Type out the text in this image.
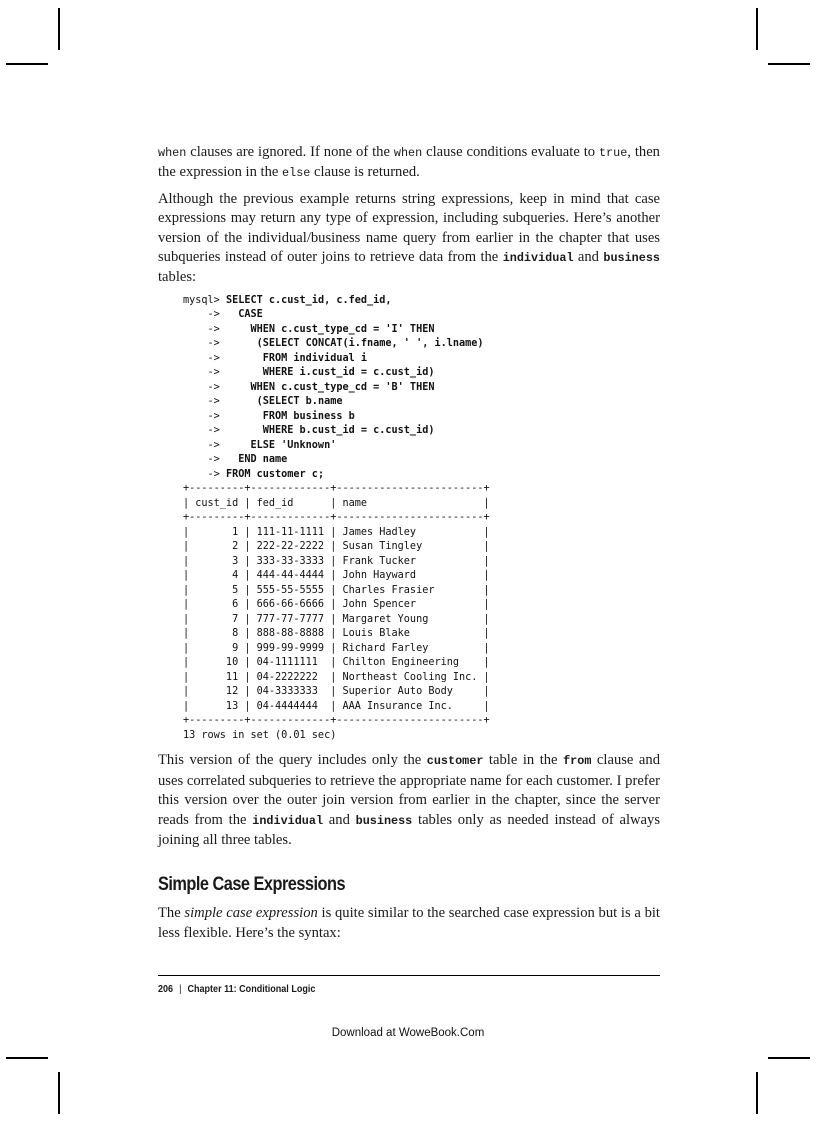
when clauses are ignored. If none of the when clause conditions evaluate to true, then the expression in the else clause is returned.

Although the previous example returns string expressions, keep in mind that case expressions may return any type of expression, including subqueries. Here’s another version of the individual/business name query from earlier in the chapter that uses subqueries instead of outer joins to retrieve data from the individual and business tables:

mysql> SELECT c.cust_id, c.fed_id,
->   CASE
->     WHEN c.cust_type_cd = 'I' THEN
->      (SELECT CONCAT(i.fname, ' ', i.lname)
->       FROM individual i
->       WHERE i.cust_id = c.cust_id)
->     WHEN c.cust_type_cd = 'B' THEN
->      (SELECT b.name
->       FROM business b
->       WHERE b.cust_id = c.cust_id)
->     ELSE 'Unknown'
->   END name
-> FROM customer c;
+---------+-------------+------------------------+
| cust_id | fed_id      | name                   |
+---------+-------------+------------------------+
|       1 | 111-11-1111 | James Hadley           |
|       2 | 222-22-2222 | Susan Tingley          |
|       3 | 333-33-3333 | Frank Tucker           |
|       4 | 444-44-4444 | John Hayward           |
|       5 | 555-55-5555 | Charles Frasier        |
|       6 | 666-66-6666 | John Spencer           |
|       7 | 777-77-7777 | Margaret Young         |
|       8 | 888-88-8888 | Louis Blake            |
|       9 | 999-99-9999 | Richard Farley         |
|      10 | 04-1111111  | Chilton Engineering    |
|      11 | 04-2222222  | Northeast Cooling Inc. |
|      12 | 04-3333333  | Superior Auto Body     |
|      13 | 04-4444444  | AAA Insurance Inc.     |
+---------+-------------+------------------------+
13 rows in set (0.01 sec)

This version of the query includes only the customer table in the from clause and uses correlated subqueries to retrieve the appropriate name for each customer. I prefer this version over the outer join version from earlier in the chapter, since the server reads from the individual and business tables only as needed instead of always joining all three tables.

Simple Case Expressions

The simple case expression is quite similar to the searched case expression but is a bit less flexible. Here’s the syntax:

206 | Chapter 11: Conditional Logic
Download at WoweBook.Com
